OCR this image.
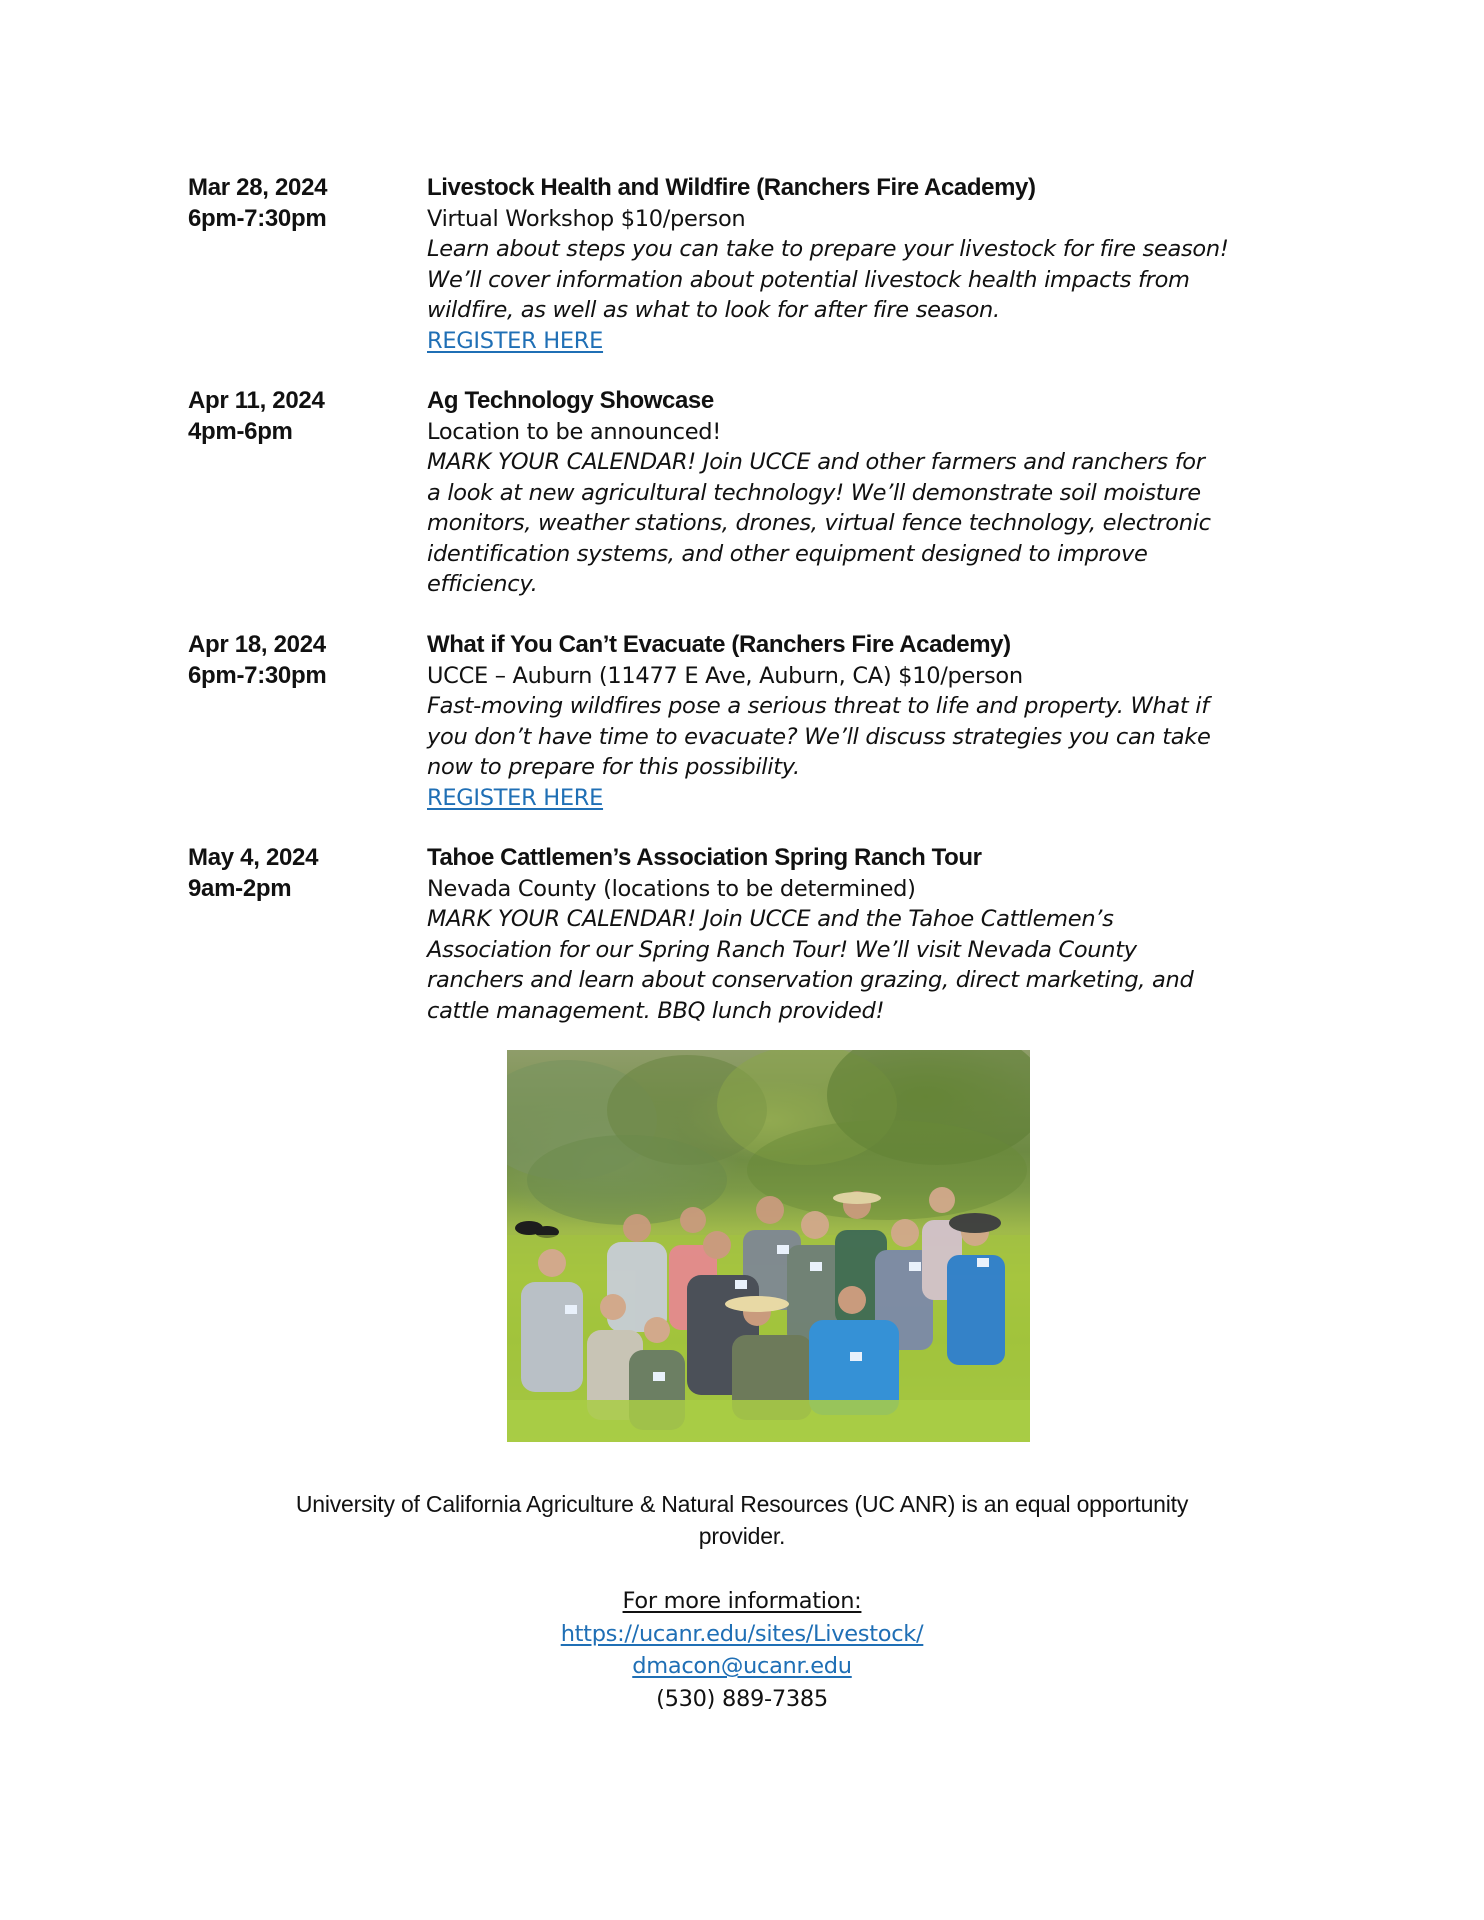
Mar 28, 2024
6pm-7:30pm
Livestock Health and Wildfire (Ranchers Fire Academy)
Virtual Workshop $10/person
Learn about steps you can take to prepare your livestock for fire season!
We’ll cover information about potential livestock health impacts from
wildfire, as well as what to look for after fire season.
REGISTER HERE
Apr 11, 2024
4pm-6pm
Ag Technology Showcase
Location to be announced!
MARK YOUR CALENDAR! Join UCCE and other farmers and ranchers for
a look at new agricultural technology! We’ll demonstrate soil moisture
monitors, weather stations, drones, virtual fence technology, electronic
identification systems, and other equipment designed to improve
efficiency.
Apr 18, 2024
6pm-7:30pm
What if You Can’t Evacuate (Ranchers Fire Academy)
UCCE – Auburn (11477 E Ave, Auburn, CA) $10/person
Fast-moving wildfires pose a serious threat to life and property. What if
you don’t have time to evacuate? We’ll discuss strategies you can take
now to prepare for this possibility.
REGISTER HERE
May 4, 2024
9am-2pm
Tahoe Cattlemen’s Association Spring Ranch Tour
Nevada County (locations to be determined)
MARK YOUR CALENDAR! Join UCCE and the Tahoe Cattlemen’s
Association for our Spring Ranch Tour! We’ll visit Nevada County
ranchers and learn about conservation grazing, direct marketing, and
cattle management. BBQ lunch provided!
University of California Agriculture & Natural Resources (UC ANR) is an equal opportunity
provider.
For more information:
https://ucanr.edu/sites/Livestock/
dmacon@ucanr.edu
(530) 889-7385
